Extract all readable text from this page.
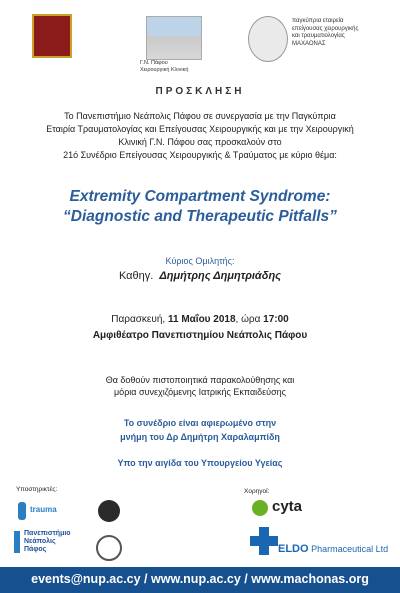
Γ.Ν. Πάφου
Χειρουργική Κλινική
παγκύπρια εταιρεία
επείγουσας χειρουργικής
και τραυματιολογίας
ΜΑΧΑΟΝΑΣ
ΠΡΟΣΚΛΗΣΗ
Το Πανεπιστήμιο Νεάπολις Πάφου σε συνεργασία με την Παγκύπρια
Εταιρία Τραυματολογίας και Επείγουσας Χειρουργικής και με την Χειρουργική
Κλινική Γ.Ν. Πάφου σας προσκαλούν στο
21ό Συνέδριο Επείγουσας Χειρουργικής & Τραύματος με κύριο θέμα:
Extremity Compartment Syndrome:
“Diagnostic and Therapeutic Pitfalls”
Κύριος Ομιλητής:
Καθηγ. Δημήτρης Δημητριάδης
Παρασκευή, 11 Μαΐου 2018, ώρα 17:00
Αμφιθέατρο Πανεπιστημίου Νεάπολις Πάφου
Θα δοθούν πιστοποιητικά παρακολούθησης και
μόρια συνεχιζόμενης Ιατρικής Εκπαιδεύσης
Το συνέδριο είναι αφιερωμένο στην
μνήμη του Δρ Δημήτρη Χαραλαμπίδη
Υπο την αιγίδα του Υπουργείου Υγείας
Υποστηρικτές:
trauma
Πανεπιστήμιο
Νεάπολις
Πάφος
Χορηγοί:
cyta
ELDO Pharmaceutical Ltd
events@nup.ac.cy / www.nup.ac.cy / www.machonas.org
